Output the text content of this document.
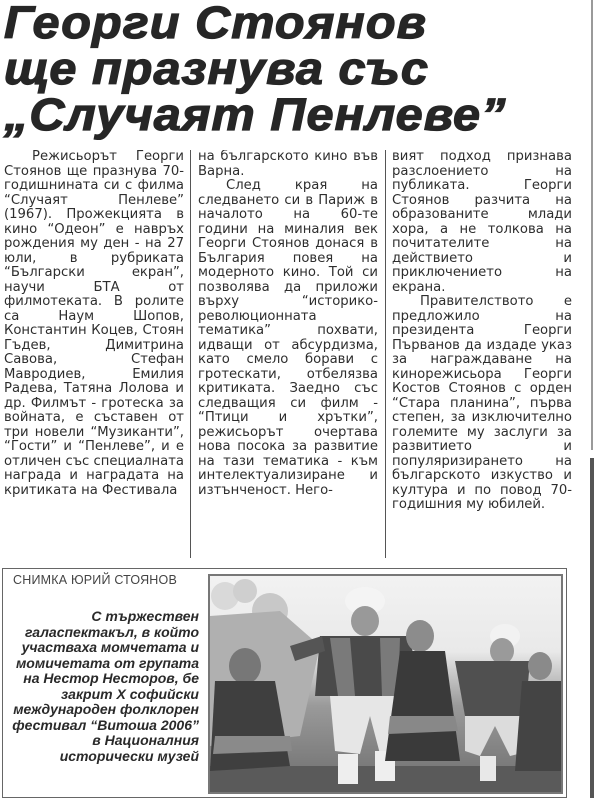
Георги Стоянов
ще празнува със
„Случаят Пенлеве”

Режисьорът Георги Стоянов ще празнува 70-годишнината си с филма “Случаят Пенлеве” (1967). Прожекцията в кино “Одеон” е навръх рождения му ден - на 27 юли, в рубриката “Български екран”, научи БТА от филмотеката. В ролите са Наум Шопов, Константин Коцев, Стоян Гъдев, Димитрина Савова, Стефан Мавродиев, Емилия Радева, Татяна Лолова и др. Филмът - гротеска за войната, е съставен от три новели “Музиканти”, “Гости” и “Пенлеве”, и е отличен със специалната награда и наградата на критиката на Фестивала

на българското кино във Варна.

След края на следването си в Париж в началото на 60-те години на миналия век Георги Стоянов донася в България повея на модерното кино. Той си позволява да приложи върху “историко-революционната тематика” похвати, идващи от абсурдизма, като смело борави с гротескати, отбелязва критиката. Заедно със следващия си филм - “Птици и хрътки”, режисьорът очертава нова посока за развитие на тази тематика - към интелектуализиране и изтънченост. Него-

вият подход признава разслоението на публиката. Георги Стоянов разчита на образованите млади хора, а не толкова на почитателите на действието и приключението на екрана.

Правителството е предложило на президента Георги Първанов да издаде указ за награждаване на кинорежисьора Георги Костов Стоянов с орден “Стара планина”, първа степен, за изключително големите му заслуги за развитието и популяризирането на българското изкуство и култура и по повод 70-годишния му юбилей.

СНИМКА ЮРИЙ СТОЯНОВ

С тържествен галаспектакъл, в който участваха момчетата и момичетата от групата на Нестор Несторов, бе закрит X софийски международен фолклорен фестивал “Витоша 2006” в Националния исторически музей
